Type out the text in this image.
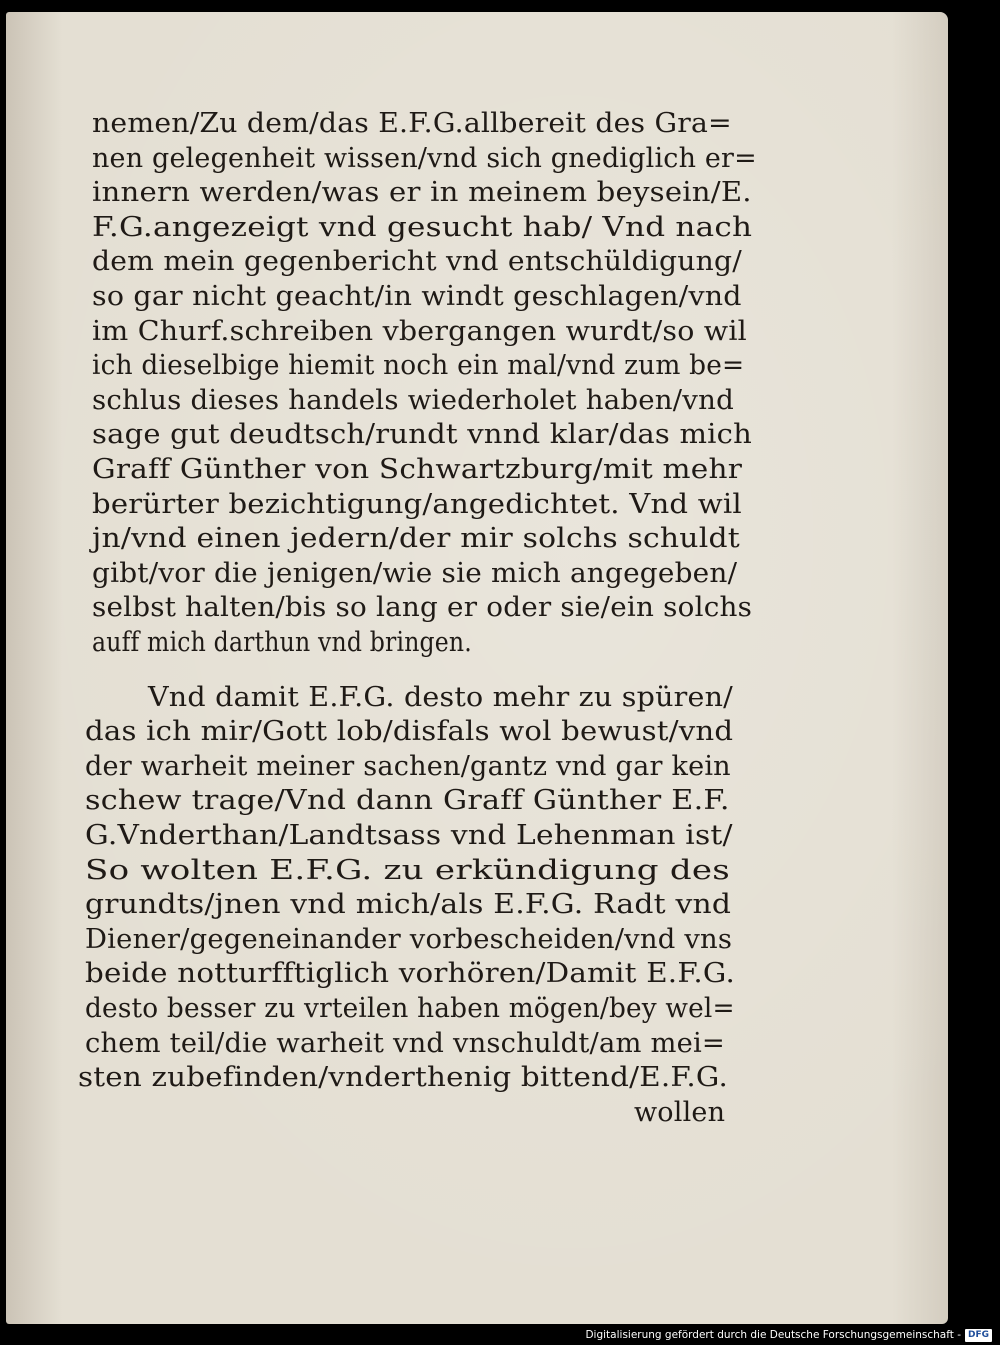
nemen/Zu dem/das E.F.G.allbereit des Gra=
nen gelegenheit wissen/vnd sich gnediglich er=
innern werden/was er in meinem beysein/E.
F.G.angezeigt vnd gesucht hab/ Vnd nach
dem mein gegenbericht vnd entschüldigung/
so gar nicht geacht/in windt geschlagen/vnd
im Churf.schreiben vbergangen wurdt/so wil
ich dieselbige hiemit noch ein mal/vnd zum be=
schlus dieses handels wiederholet haben/vnd
sage gut deudtsch/rundt vnnd klar/das mich
Graff Günther von Schwartzburg/mit mehr
berürter bezichtigung/angedichtet. Vnd wil
jn/vnd einen jedern/der mir solchs schuldt
gibt/vor die jenigen/wie sie mich angegeben/
selbst halten/bis so lang er oder sie/ein solchs
auff mich darthun vnd bringen.
Vnd damit E.F.G. desto mehr zu spüren/
das ich mir/Gott lob/disfals wol bewust/vnd
der warheit meiner sachen/gantz vnd gar kein
schew trage/Vnd dann Graff Günther E.F.
G.Vnderthan/Landtsass vnd Lehenman ist/
So wolten E.F.G. zu erkündigung des
grundts/jnen vnd mich/als E.F.G. Radt vnd
Diener/gegeneinander vorbescheiden/vnd vns
beide notturfftiglich vorhören/Damit E.F.G.
desto besser zu vrteilen haben mögen/bey wel=
chem teil/die warheit vnd vnschuldt/am mei=
sten zubefinden/vnderthenig bittend/E.F.G.
wollen
Digitalisierung gefördert durch die Deutsche Forschungsgemeinschaft - DFG
